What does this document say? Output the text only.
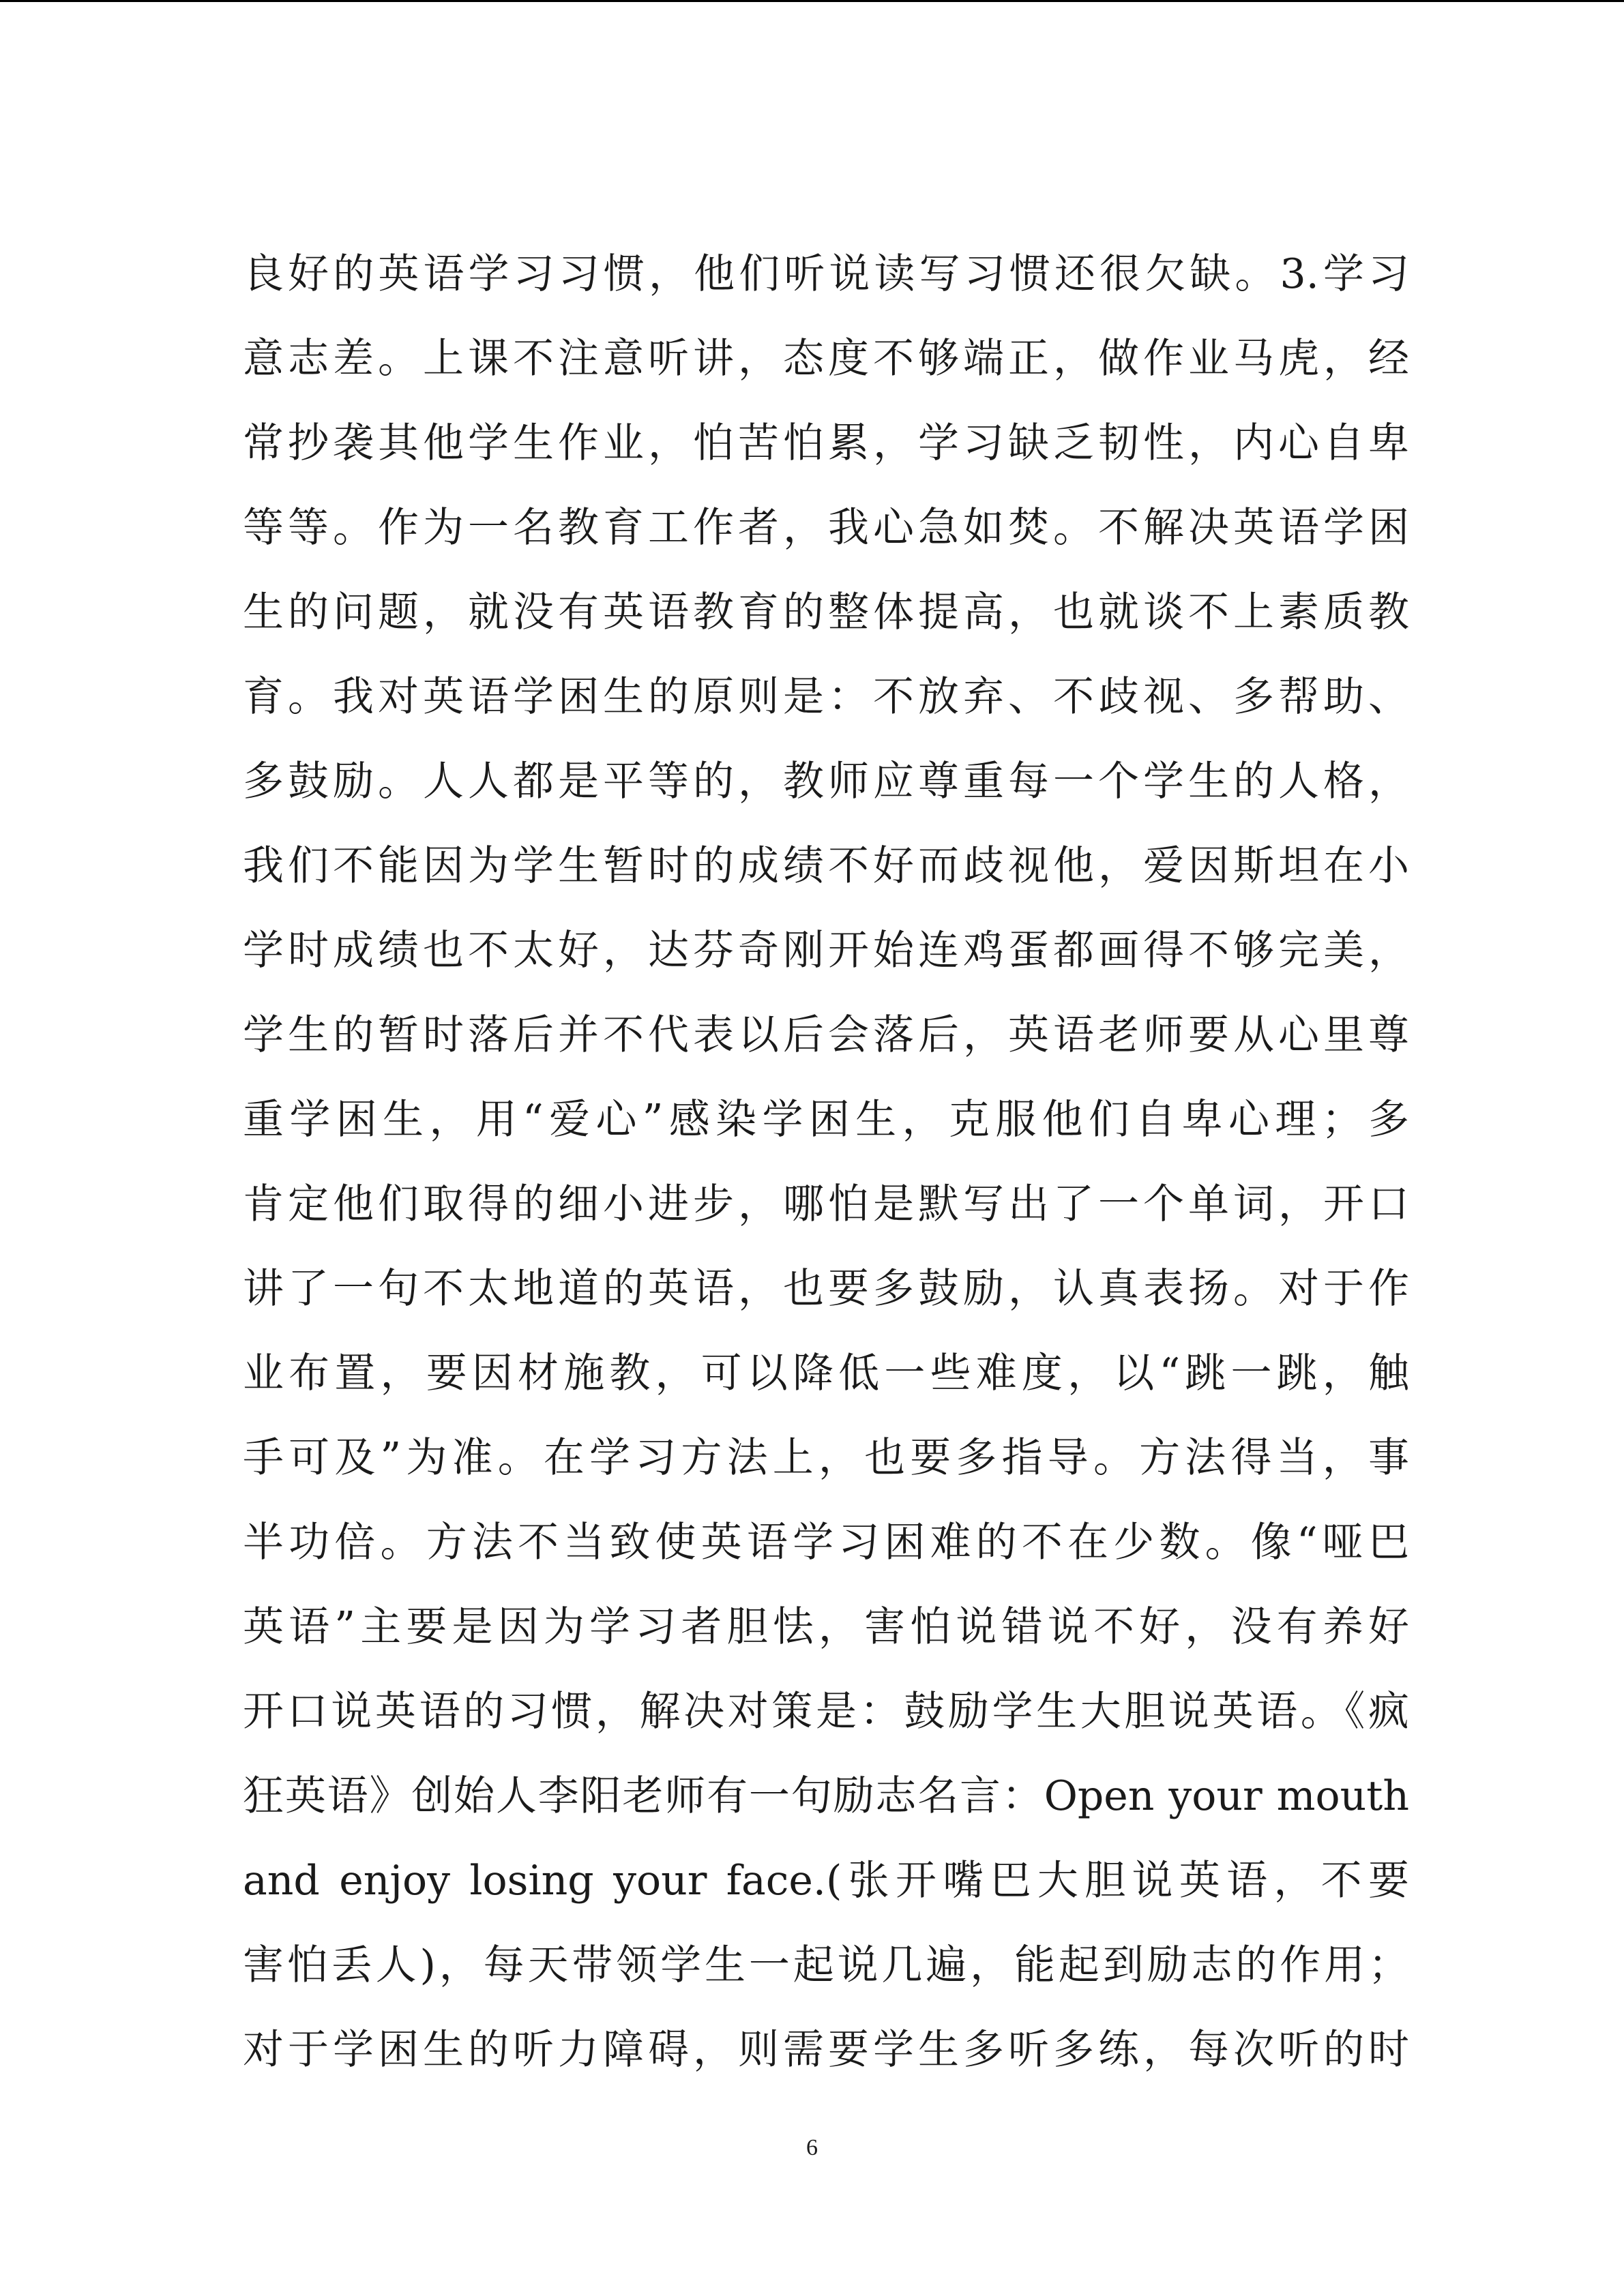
良好的英语学习习惯，他们听说读写习惯还很欠缺。3.学习
意志差。上课不注意听讲，态度不够端正，做作业马虎，经
常抄袭其他学生作业，怕苦怕累，学习缺乏韧性，内心自卑
等等。作为一名教育工作者，我心急如焚。不解决英语学困
生的问题，就没有英语教育的整体提高，也就谈不上素质教
育。我对英语学困生的原则是：不放弃、不歧视、多帮助、
多鼓励。人人都是平等的，教师应尊重每一个学生的人格，
我们不能因为学生暂时的成绩不好而歧视他，爱因斯坦在小
学时成绩也不太好，达芬奇刚开始连鸡蛋都画得不够完美，
学生的暂时落后并不代表以后会落后，英语老师要从心里尊
重学困生，用“爱心”感染学困生，克服他们自卑心理；多
肯定他们取得的细小进步，哪怕是默写出了一个单词，开口
讲了一句不太地道的英语，也要多鼓励，认真表扬。对于作
业布置，要因材施教，可以降低一些难度，以“跳一跳，触
手可及”为准。在学习方法上，也要多指导。方法得当，事
半功倍。方法不当致使英语学习困难的不在少数。像“哑巴
英语”主要是因为学习者胆怯，害怕说错说不好，没有养好
开口说英语的习惯，解决对策是：鼓励学生大胆说英语。《疯
狂英语》创始人李阳老师有一句励志名言：Open your mouth
and enjoy losing your face.(张开嘴巴大胆说英语，不要
害怕丢人)，每天带领学生一起说几遍，能起到励志的作用；
对于学困生的听力障碍，则需要学生多听多练，每次听的时
6
